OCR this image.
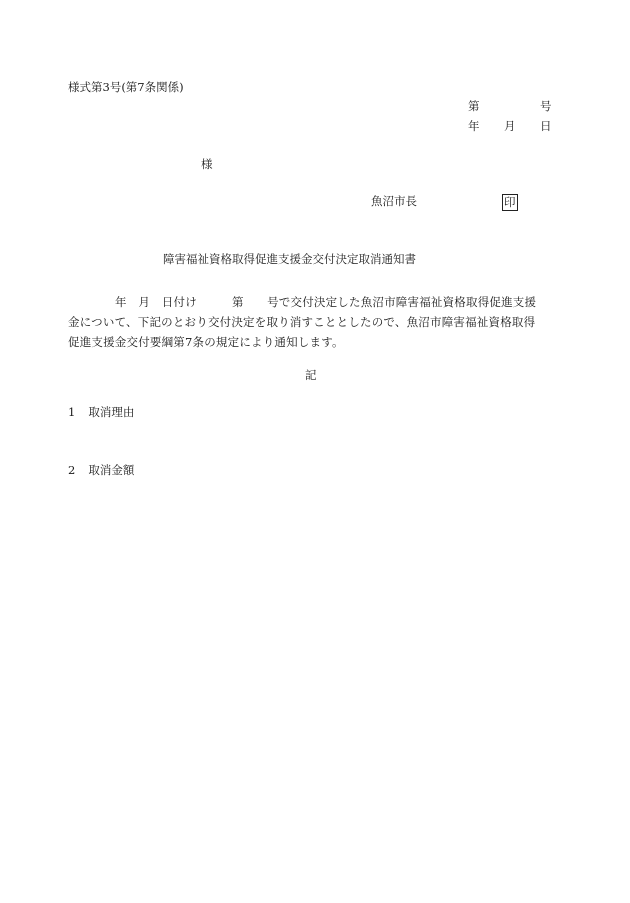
様式第3号(第7条関係)
第	号
年 月 日
様
魚沼市長	印
障害福祉資格取得促進支援金交付決定取消通知書
年　月　日付け　　　第　　号で交付決定した魚沼市障害福祉資格取得促進支援
金について、下記のとおり交付決定を取り消すこととしたので、魚沼市障害福祉資格取得
促進支援金交付要綱第7条の規定により通知します。
記
1 取消理由
2 取消金額
